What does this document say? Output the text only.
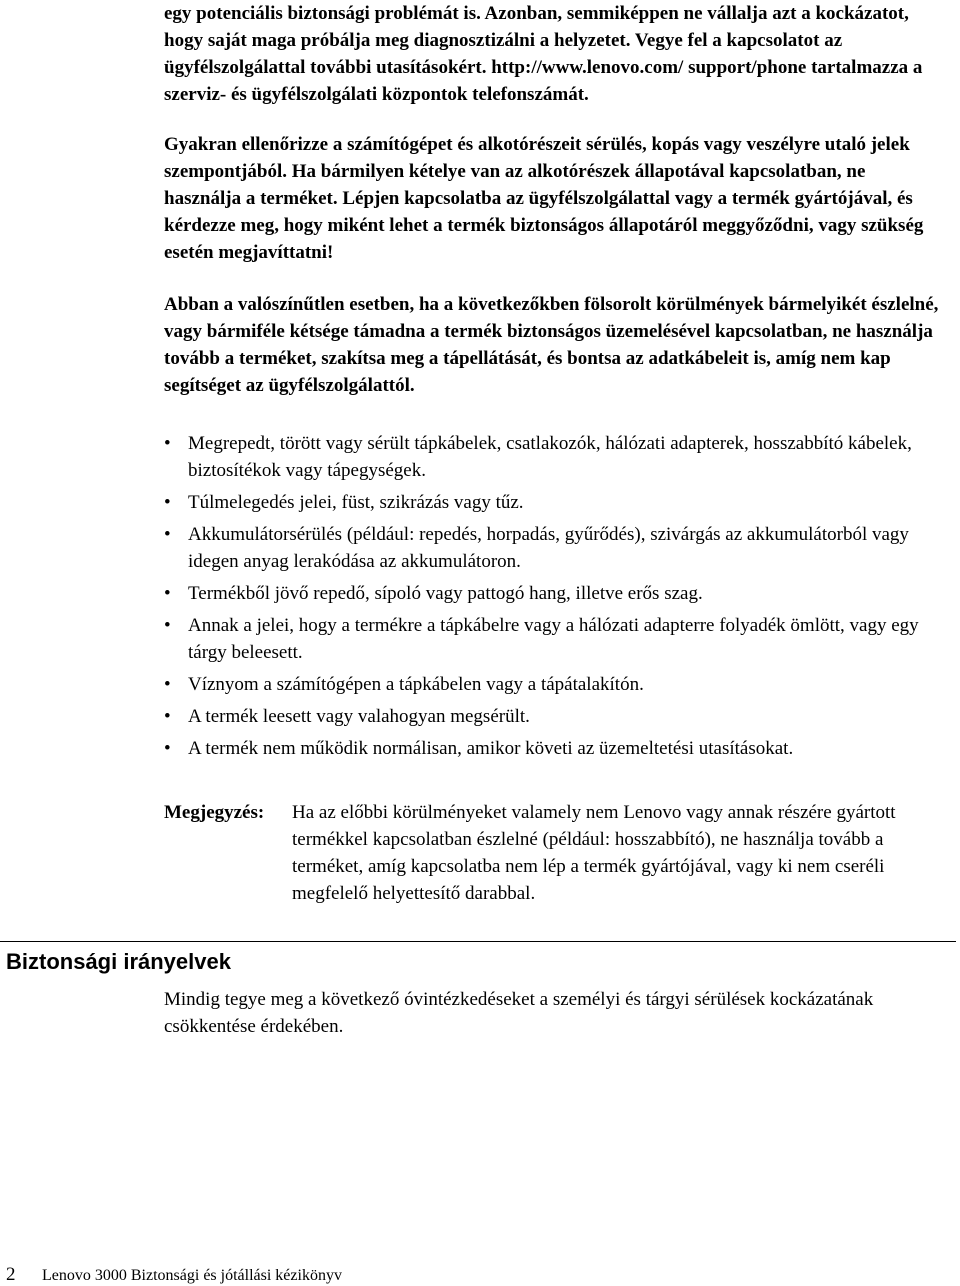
egy potenciális biztonsági problémát is. Azonban, semmiképpen ne vállalja azt a kockázatot, hogy saját maga próbálja meg diagnosztizálni a helyzetet. Vegye fel a kapcsolatot az ügyfélszolgálattal további utasításokért. http://www.lenovo.com/ support/phone tartalmazza a szerviz- és ügyfélszolgálati központok telefonszámát.

Gyakran ellenőrizze a számítógépet és alkotórészeit sérülés, kopás vagy veszélyre utaló jelek szempontjából. Ha bármilyen kételye van az alkotórészek állapotával kapcsolatban, ne használja a terméket. Lépjen kapcsolatba az ügyfélszolgálattal vagy a termék gyártójával, és kérdezze meg, hogy miként lehet a termék biztonságos állapotáról meggyőződni, vagy szükség esetén megjavíttatni!

Abban a valószínűtlen esetben, ha a következőkben fölsorolt körülmények bármelyikét észlelné, vagy bármiféle kétsége támadna a termék biztonságos üzemelésével kapcsolatban, ne használja tovább a terméket, szakítsa meg a tápellátását, és bontsa az adatkábeleit is, amíg nem kap segítséget az ügyfélszolgálattól.

• Megrepedt, törött vagy sérült tápkábelek, csatlakozók, hálózati adapterek, hosszabbító kábelek, biztosítékok vagy tápegységek.
• Túlmelegedés jelei, füst, szikrázás vagy tűz.
• Akkumulátorsérülés (például: repedés, horpadás, gyűrődés), szivárgás az akkumulátorból vagy idegen anyag lerakódása az akkumulátoron.
• Termékből jövő repedő, sípoló vagy pattogó hang, illetve erős szag.
• Annak a jelei, hogy a termékre a tápkábelre vagy a hálózati adapterre folyadék ömlött, vagy egy tárgy beleesett.
• Víznyom a számítógépen a tápkábelen vagy a tápátalakítón.
• A termék leesett vagy valahogyan megsérült.
• A termék nem működik normálisan, amikor követi az üzemeltetési utasításokat.
Megjegyzés: Ha az előbbi körülményeket valamely nem Lenovo vagy annak részére gyártott termékkel kapcsolatban észlelné (például: hosszabbító), ne használja tovább a terméket, amíg kapcsolatba nem lép a termék gyártójával, vagy ki nem cseréli megfelelő helyettesítő darabbal.
Biztonsági irányelvek

Mindig tegye meg a következő óvintézkedéseket a személyi és tárgyi sérülések kockázatának csökkentése érdekében.

2 Lenovo 3000 Biztonsági és jótállási kézikönyv
